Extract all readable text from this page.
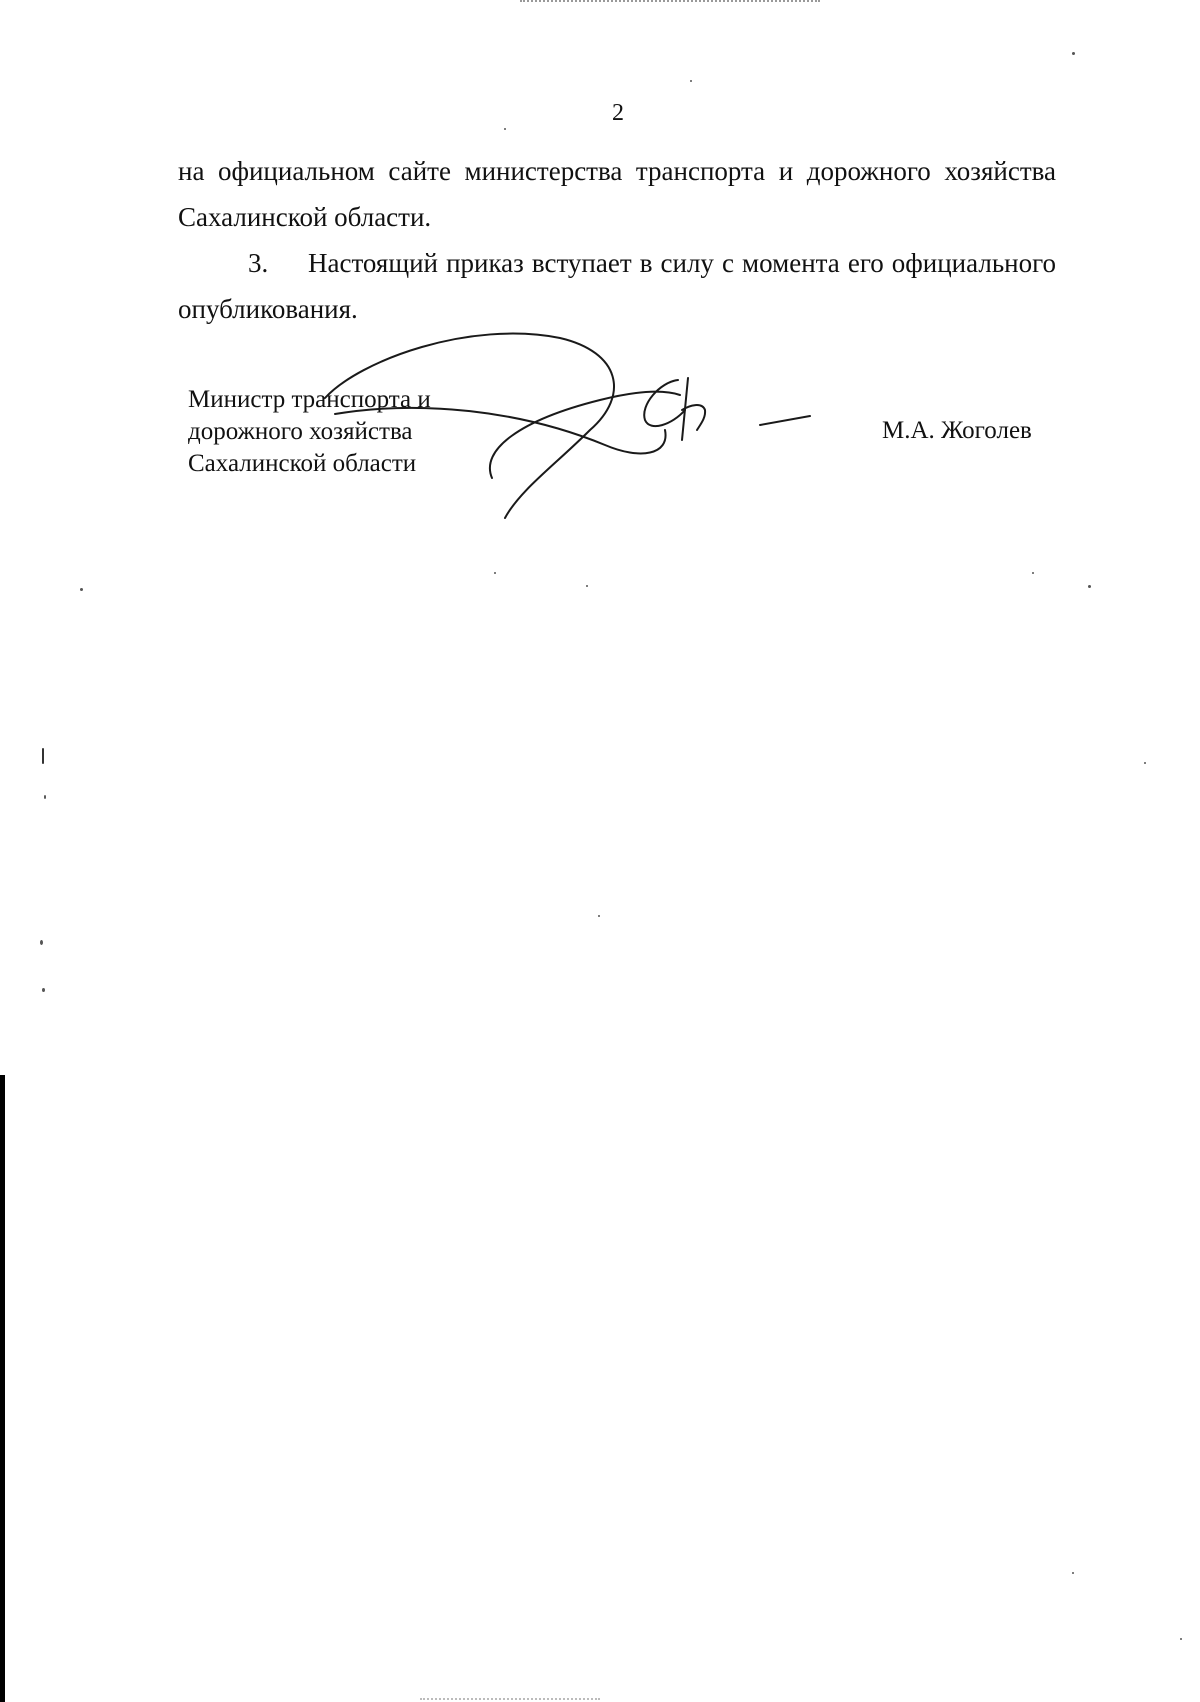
2

на официальном сайте министерства транспорта и дорожного хозяйства
Сахалинской области.

3.	Настоящий приказ вступает в силу с момента его официального
опубликования.
Министр транспорта и
дорожного хозяйства
Сахалинской области
М.А. Жоголев
